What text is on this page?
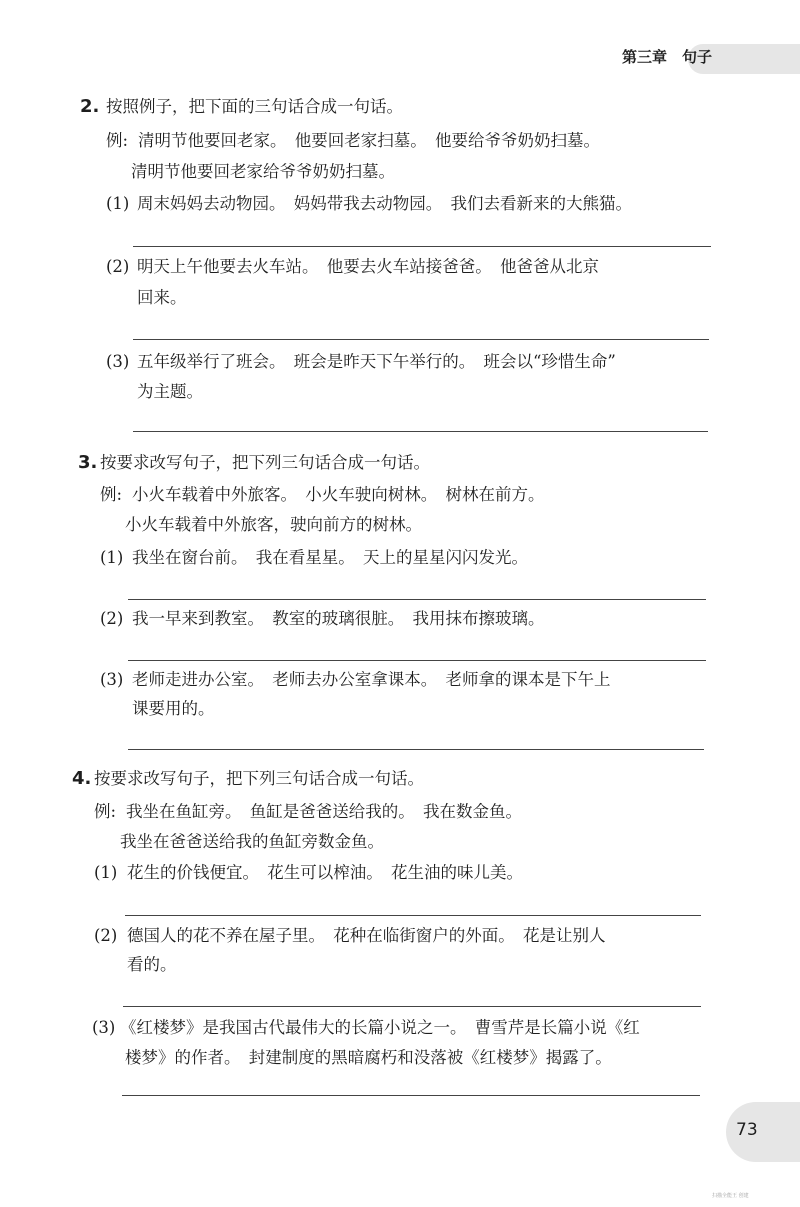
第三章　句子
73
扫描全能王 创建
2. 按照例子，把下面的三句话合成一句话。
例: 清明节他要回老家。　他要回老家扫墓。　他要给爷爷奶奶扫墓。
清明节他要回老家给爷爷奶奶扫墓。
(1) 周末妈妈去动物园。　妈妈带我去动物园。　我们去看新来的大熊猫。
(2) 明天上午他要去火车站。　他要去火车站接爸爸。　他爸爸从北京
回来。
(3) 五年级举行了班会。　班会是昨天下午举行的。　班会以“珍惜生命”
为主题。
3. 按要求改写句子，把下列三句话合成一句话。
例: 小火车载着中外旅客。　小火车驶向树林。　树林在前方。
小火车载着中外旅客，驶向前方的树林。
(1) 我坐在窗台前。　我在看星星。　天上的星星闪闪发光。
(2) 我一早来到教室。　教室的玻璃很脏。　我用抹布擦玻璃。
(3) 老师走进办公室。　老师去办公室拿课本。　老师拿的课本是下午上
课要用的。
4. 按要求改写句子，把下列三句话合成一句话。
例: 我坐在鱼缸旁。　鱼缸是爸爸送给我的。　我在数金鱼。
我坐在爸爸送给我的鱼缸旁数金鱼。
(1) 花生的价钱便宜。　花生可以榨油。　花生油的味儿美。
(2) 德国人的花不养在屋子里。　花种在临街窗户的外面。　花是让别人
看的。
(3) 《红楼梦》是我国古代最伟大的长篇小说之一。　曹雪芹是长篇小说《红
楼梦》的作者。　封建制度的黑暗腐朽和没落被《红楼梦》揭露了。
